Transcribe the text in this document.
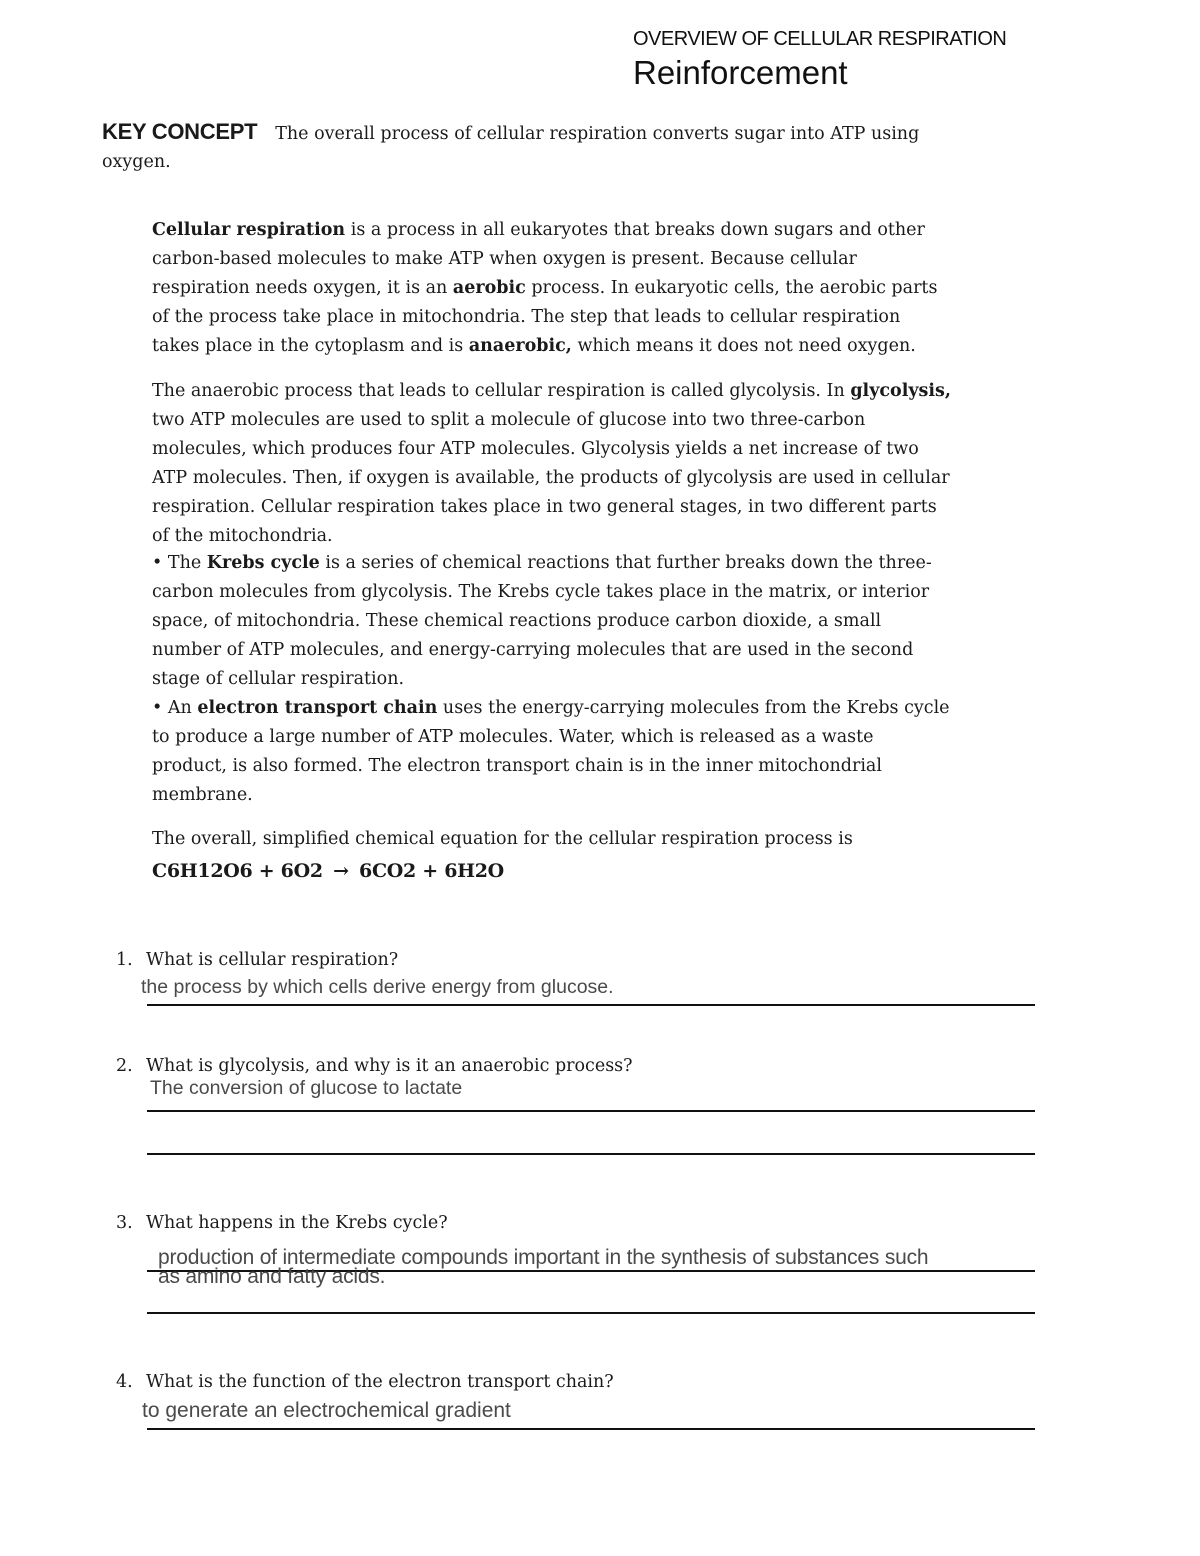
OVERVIEW OF CELLULAR RESPIRATION
Reinforcement
KEY CONCEPT The overall process of cellular respiration converts sugar into ATP using oxygen.

Cellular respiration is a process in all eukaryotes that breaks down sugars and other carbon-based molecules to make ATP when oxygen is present. Because cellular respiration needs oxygen, it is an aerobic process. In eukaryotic cells, the aerobic parts of the process take place in mitochondria. The step that leads to cellular respiration takes place in the cytoplasm and is anaerobic, which means it does not need oxygen.

The anaerobic process that leads to cellular respiration is called glycolysis. In glycolysis, two ATP molecules are used to split a molecule of glucose into two three-carbon molecules, which produces four ATP molecules. Glycolysis yields a net increase of two ATP molecules. Then, if oxygen is available, the products of glycolysis are used in cellular respiration. Cellular respiration takes place in two general stages, in two different parts of the mitochondria.

• The Krebs cycle is a series of chemical reactions that further breaks down the three-carbon molecules from glycolysis. The Krebs cycle takes place in the matrix, or interior space, of mitochondria. These chemical reactions produce carbon dioxide, a small number of ATP molecules, and energy-carrying molecules that are used in the second stage of cellular respiration.

• An electron transport chain uses the energy-carrying molecules from the Krebs cycle to produce a large number of ATP molecules. Water, which is released as a waste product, is also formed. The electron transport chain is in the inner mitochondrial membrane.

The overall, simplified chemical equation for the cellular respiration process is

C6H12O6 + 6O2 → 6CO2 + 6H2O
1. What is cellular respiration?
the process by which cells derive energy from glucose.
2. What is glycolysis, and why is it an anaerobic process?
The conversion of glucose to lactate
3. What happens in the Krebs cycle?
production of intermediate compounds important in the synthesis of substances such
as amino and fatty acids.
4. What is the function of the electron transport chain?
to generate an electrochemical gradient
